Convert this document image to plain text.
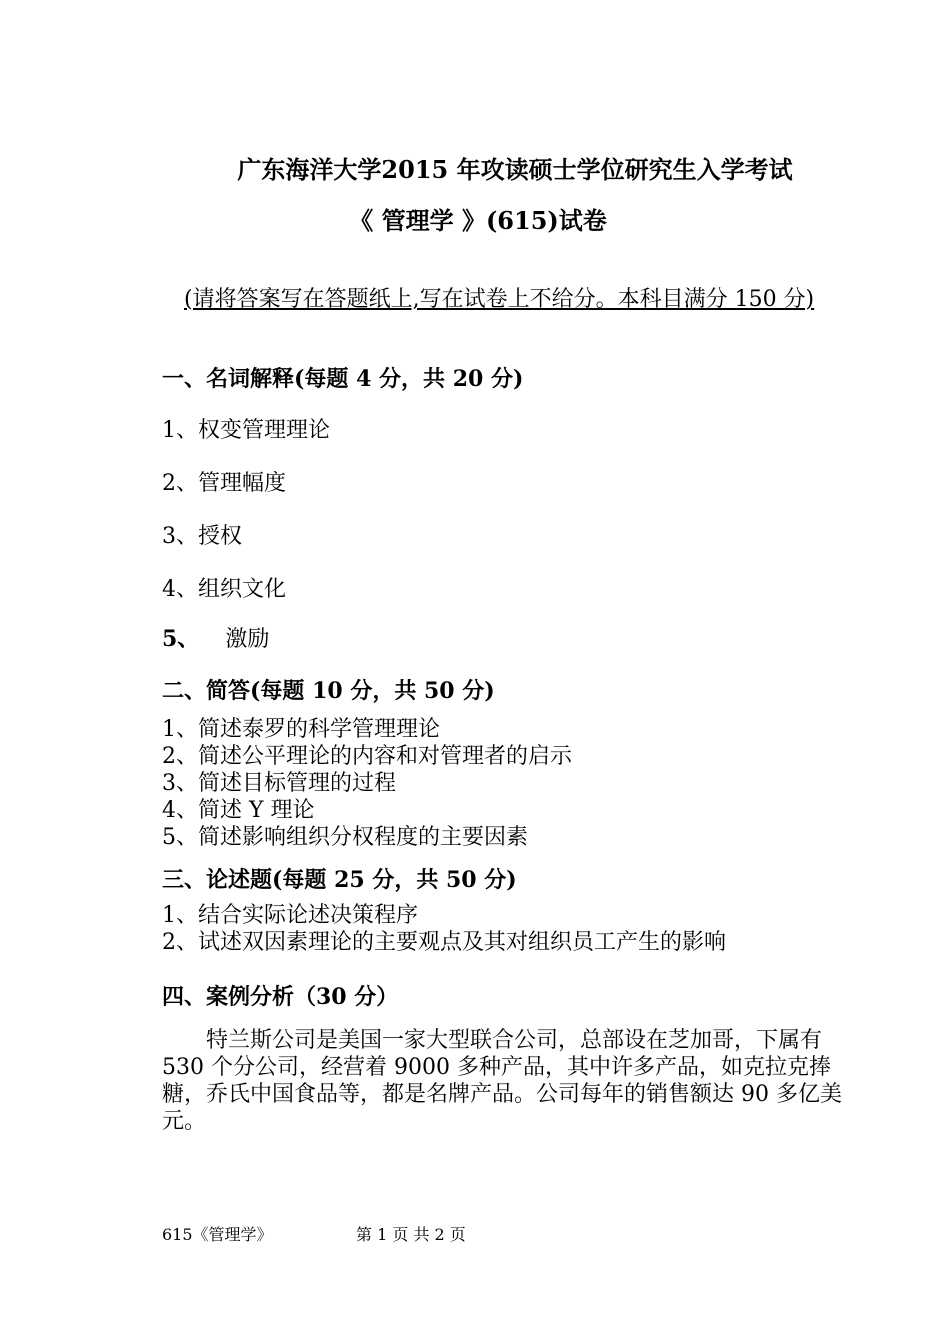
广东海洋大学2015 年攻读硕士学位研究生入学考试
《 管理学 》(615)试卷
(请将答案写在答题纸上,写在试卷上不给分。本科目满分 150 分)
一、名词解释(每题 4 分，共 20 分)
1、权变管理理论
2、管理幅度
3、授权
4、组织文化
5、 激励
二、简答(每题 10 分，共 50 分)
1、简述泰罗的科学管理理论
2、简述公平理论的内容和对管理者的启示
3、简述目标管理的过程
4、简述 Y 理论
5、简述影响组织分权程度的主要因素
三、论述题(每题 25 分，共 50 分)
1、结合实际论述决策程序
2、试述双因素理论的主要观点及其对组织员工产生的影响
四、案例分析（30 分）
特兰斯公司是美国一家大型联合公司，总部设在芝加哥，下属有 530 个分公司，经营着 9000 多种产品，其中许多产品，如克拉克捧糖，乔氏中国食品等，都是名牌产品。公司每年的销售额达 90 多亿美元。
615《管理学》	第 1 页 共 2 页
